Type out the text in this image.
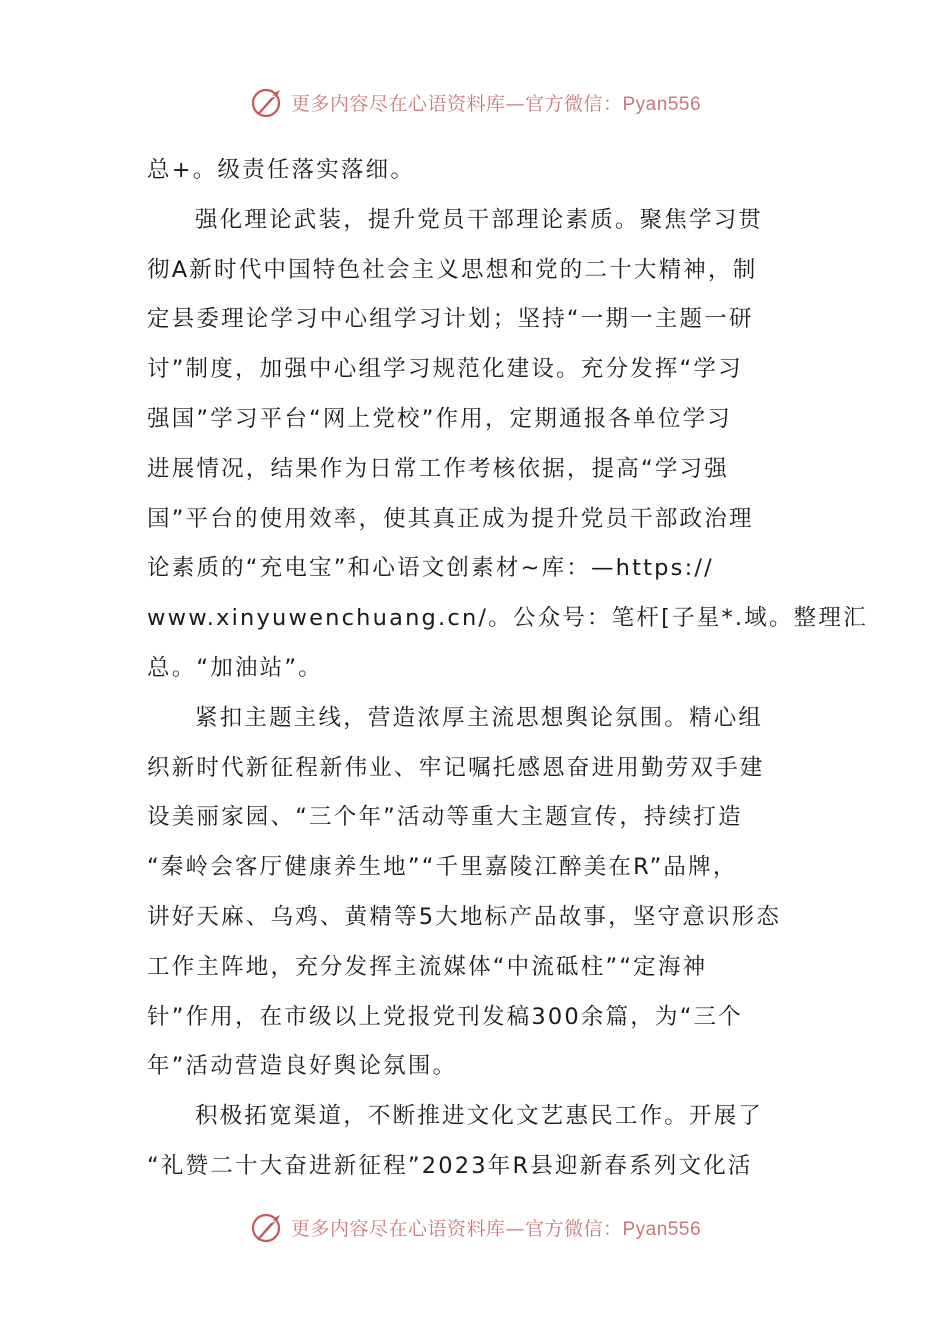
更多内容尽在心语资料库—官方微信：Pyan556
总+。级责任落实落细。
强化理论武装，提升党员干部理论素质。聚焦学习贯
彻A新时代中国特色社会主义思想和党的二十大精神，制
定县委理论学习中心组学习计划；坚持“一期一主题一研
讨”制度，加强中心组学习规范化建设。充分发挥“学习
强国”学习平台“网上党校”作用，定期通报各单位学习
进展情况，结果作为日常工作考核依据，提高“学习强
国”平台的使用效率，使其真正成为提升党员干部政治理
论素质的“充电宝”和心语文创素材~库：—https://
www.xinyuwenchuang.cn/。公众号：笔杆[子星*.域。整理汇
总。“加油站”。
紧扣主题主线，营造浓厚主流思想舆论氛围。精心组
织新时代新征程新伟业、牢记嘱托感恩奋进用勤劳双手建
设美丽家园、“三个年”活动等重大主题宣传，持续打造
“秦岭会客厅健康养生地”“千里嘉陵江醉美在R”品牌，
讲好天麻、乌鸡、黄精等5大地标产品故事，坚守意识形态
工作主阵地，充分发挥主流媒体“中流砥柱”“定海神
针”作用，在市级以上党报党刊发稿300余篇，为“三个
年”活动营造良好舆论氛围。
积极拓宽渠道，不断推进文化文艺惠民工作。开展了
“礼赞二十大奋进新征程”2023年R县迎新春系列文化活
更多内容尽在心语资料库—官方微信：Pyan556
